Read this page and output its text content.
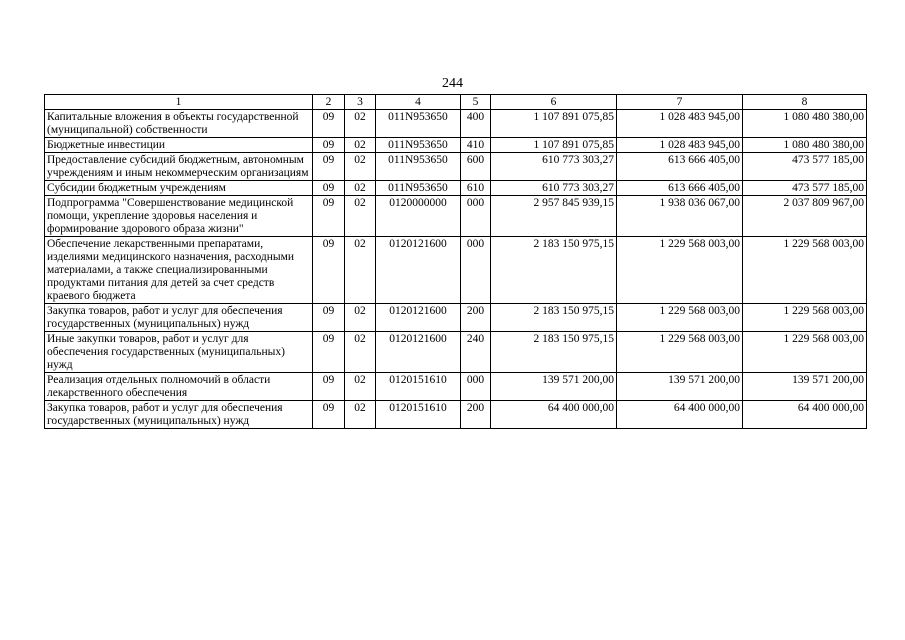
244
1	2	3	4	5	6	7	8
Капитальные вложения в объекты государственной (муниципальной) собственности	09	02	011N953650	400	1 107 891 075,85	1 028 483 945,00	1 080 480 380,00
Бюджетные инвестиции	09	02	011N953650	410	1 107 891 075,85	1 028 483 945,00	1 080 480 380,00
Предоставление субсидий бюджетным, автономным учреждениям и иным некоммерческим организациям	09	02	011N953650	600	610 773 303,27	613 666 405,00	473 577 185,00
Субсидии бюджетным учреждениям	09	02	011N953650	610	610 773 303,27	613 666 405,00	473 577 185,00
Подпрограмма "Совершенствование медицинской помощи, укрепление здоровья населения и формирование здорового образа жизни"	09	02	0120000000	000	2 957 845 939,15	1 938 036 067,00	2 037 809 967,00
Обеспечение лекарственными препаратами, изделиями медицинского назначения, расходными материалами, а также специализированными продуктами питания для детей за счет средств краевого бюджета	09	02	0120121600	000	2 183 150 975,15	1 229 568 003,00	1 229 568 003,00
Закупка товаров, работ и услуг для обеспечения государственных (муниципальных) нужд	09	02	0120121600	200	2 183 150 975,15	1 229 568 003,00	1 229 568 003,00
Иные закупки товаров, работ и услуг для обеспечения государственных (муниципальных) нужд	09	02	0120121600	240	2 183 150 975,15	1 229 568 003,00	1 229 568 003,00
Реализация отдельных полномочий в области лекарственного обеспечения	09	02	0120151610	000	139 571 200,00	139 571 200,00	139 571 200,00
Закупка товаров, работ и услуг для обеспечения государственных (муниципальных) нужд	09	02	0120151610	200	64 400 000,00	64 400 000,00	64 400 000,00
